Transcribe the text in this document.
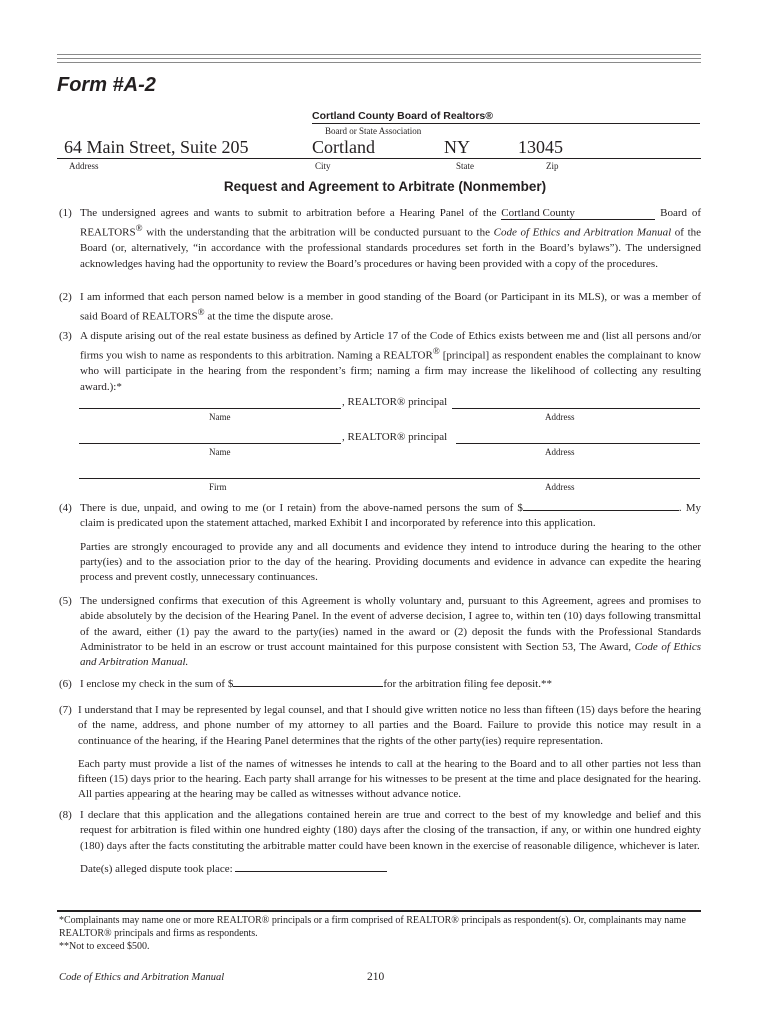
Form #A-2
Cortland County Board of Realtors®
Board or State Association
64 Main Street, Suite 205	Cortland	NY	13045
Address	City	State	Zip
Request and Agreement to Arbitrate (Nonmember)
(1) The undersigned agrees and wants to submit to arbitration before a Hearing Panel of the Cortland County	Board of REALTORS® with the understanding that the arbitration will be conducted pursuant to the Code of Ethics and Arbitration Manual of the Board (or, alternatively, “in accordance with the professional standards procedures set forth in the Board’s bylaws”). The undersigned acknowledges having had the opportunity to review the Board’s procedures or having been provided with a copy of the procedures.
(2) I am informed that each person named below is a member in good standing of the Board (or Participant in its MLS), or was a member of said Board of REALTORS® at the time the dispute arose.
(3) A dispute arising out of the real estate business as defined by Article 17 of the Code of Ethics exists between me and (list all persons and/or firms you wish to name as respondents to this arbitration. Naming a REALTOR® [principal] as respondent enables the complainant to know who will participate in the hearing from the respondent’s firm; naming a firm may increase the likelihood of collecting any resulting award.):*
, REALTOR® principal
Name	Address
, REALTOR® principal
Name	Address
Firm	Address
(4) There is due, unpaid, and owing to me (or I retain) from the above-named persons the sum of $	. My claim is predicated upon the statement attached, marked Exhibit I and incorporated by reference into this application.
Parties are strongly encouraged to provide any and all documents and evidence they intend to introduce during the hearing to the other party(ies) and to the association prior to the day of the hearing. Providing documents and evidence in advance can expedite the hearing process and prevent costly, unnecessary continuances.
(5) The undersigned confirms that execution of this Agreement is wholly voluntary and, pursuant to this Agreement, agrees and promises to abide absolutely by the decision of the Hearing Panel. In the event of adverse decision, I agree to, within ten (10) days following transmittal of the award, either (1) pay the award to the party(ies) named in the award or (2) deposit the funds with the Professional Standards Administrator to be held in an escrow or trust account maintained for this purpose consistent with Section 53, The Award, Code of Ethics and Arbitration Manual.
(6) I enclose my check in the sum of $	for the arbitration filing fee deposit.**
(7) I understand that I may be represented by legal counsel, and that I should give written notice no less than fifteen (15) days before the hearing of the name, address, and phone number of my attorney to all parties and the Board. Failure to provide this notice may result in a continuance of the hearing, if the Hearing Panel determines that the rights of the other party(ies) require representation.
Each party must provide a list of the names of witnesses he intends to call at the hearing to the Board and to all other parties not less than fifteen (15) days prior to the hearing. Each party shall arrange for his witnesses to be present at the time and place designated for the hearing. All parties appearing at the hearing may be called as witnesses without advance notice.
(8) I declare that this application and the allegations contained herein are true and correct to the best of my knowledge and belief and this request for arbitration is filed within one hundred eighty (180) days after the closing of the transaction, if any, or within one hundred eighty (180) days after the facts constituting the arbitrable matter could have been known in the exercise of reasonable diligence, whichever is later.
Date(s) alleged dispute took place:
*Complainants may name one or more REALTOR® principals or a firm comprised of REALTOR® principals as respondent(s). Or, complainants may name REALTOR® principals and firms as respondents.
**Not to exceed $500.
Code of Ethics and Arbitration Manual	210
